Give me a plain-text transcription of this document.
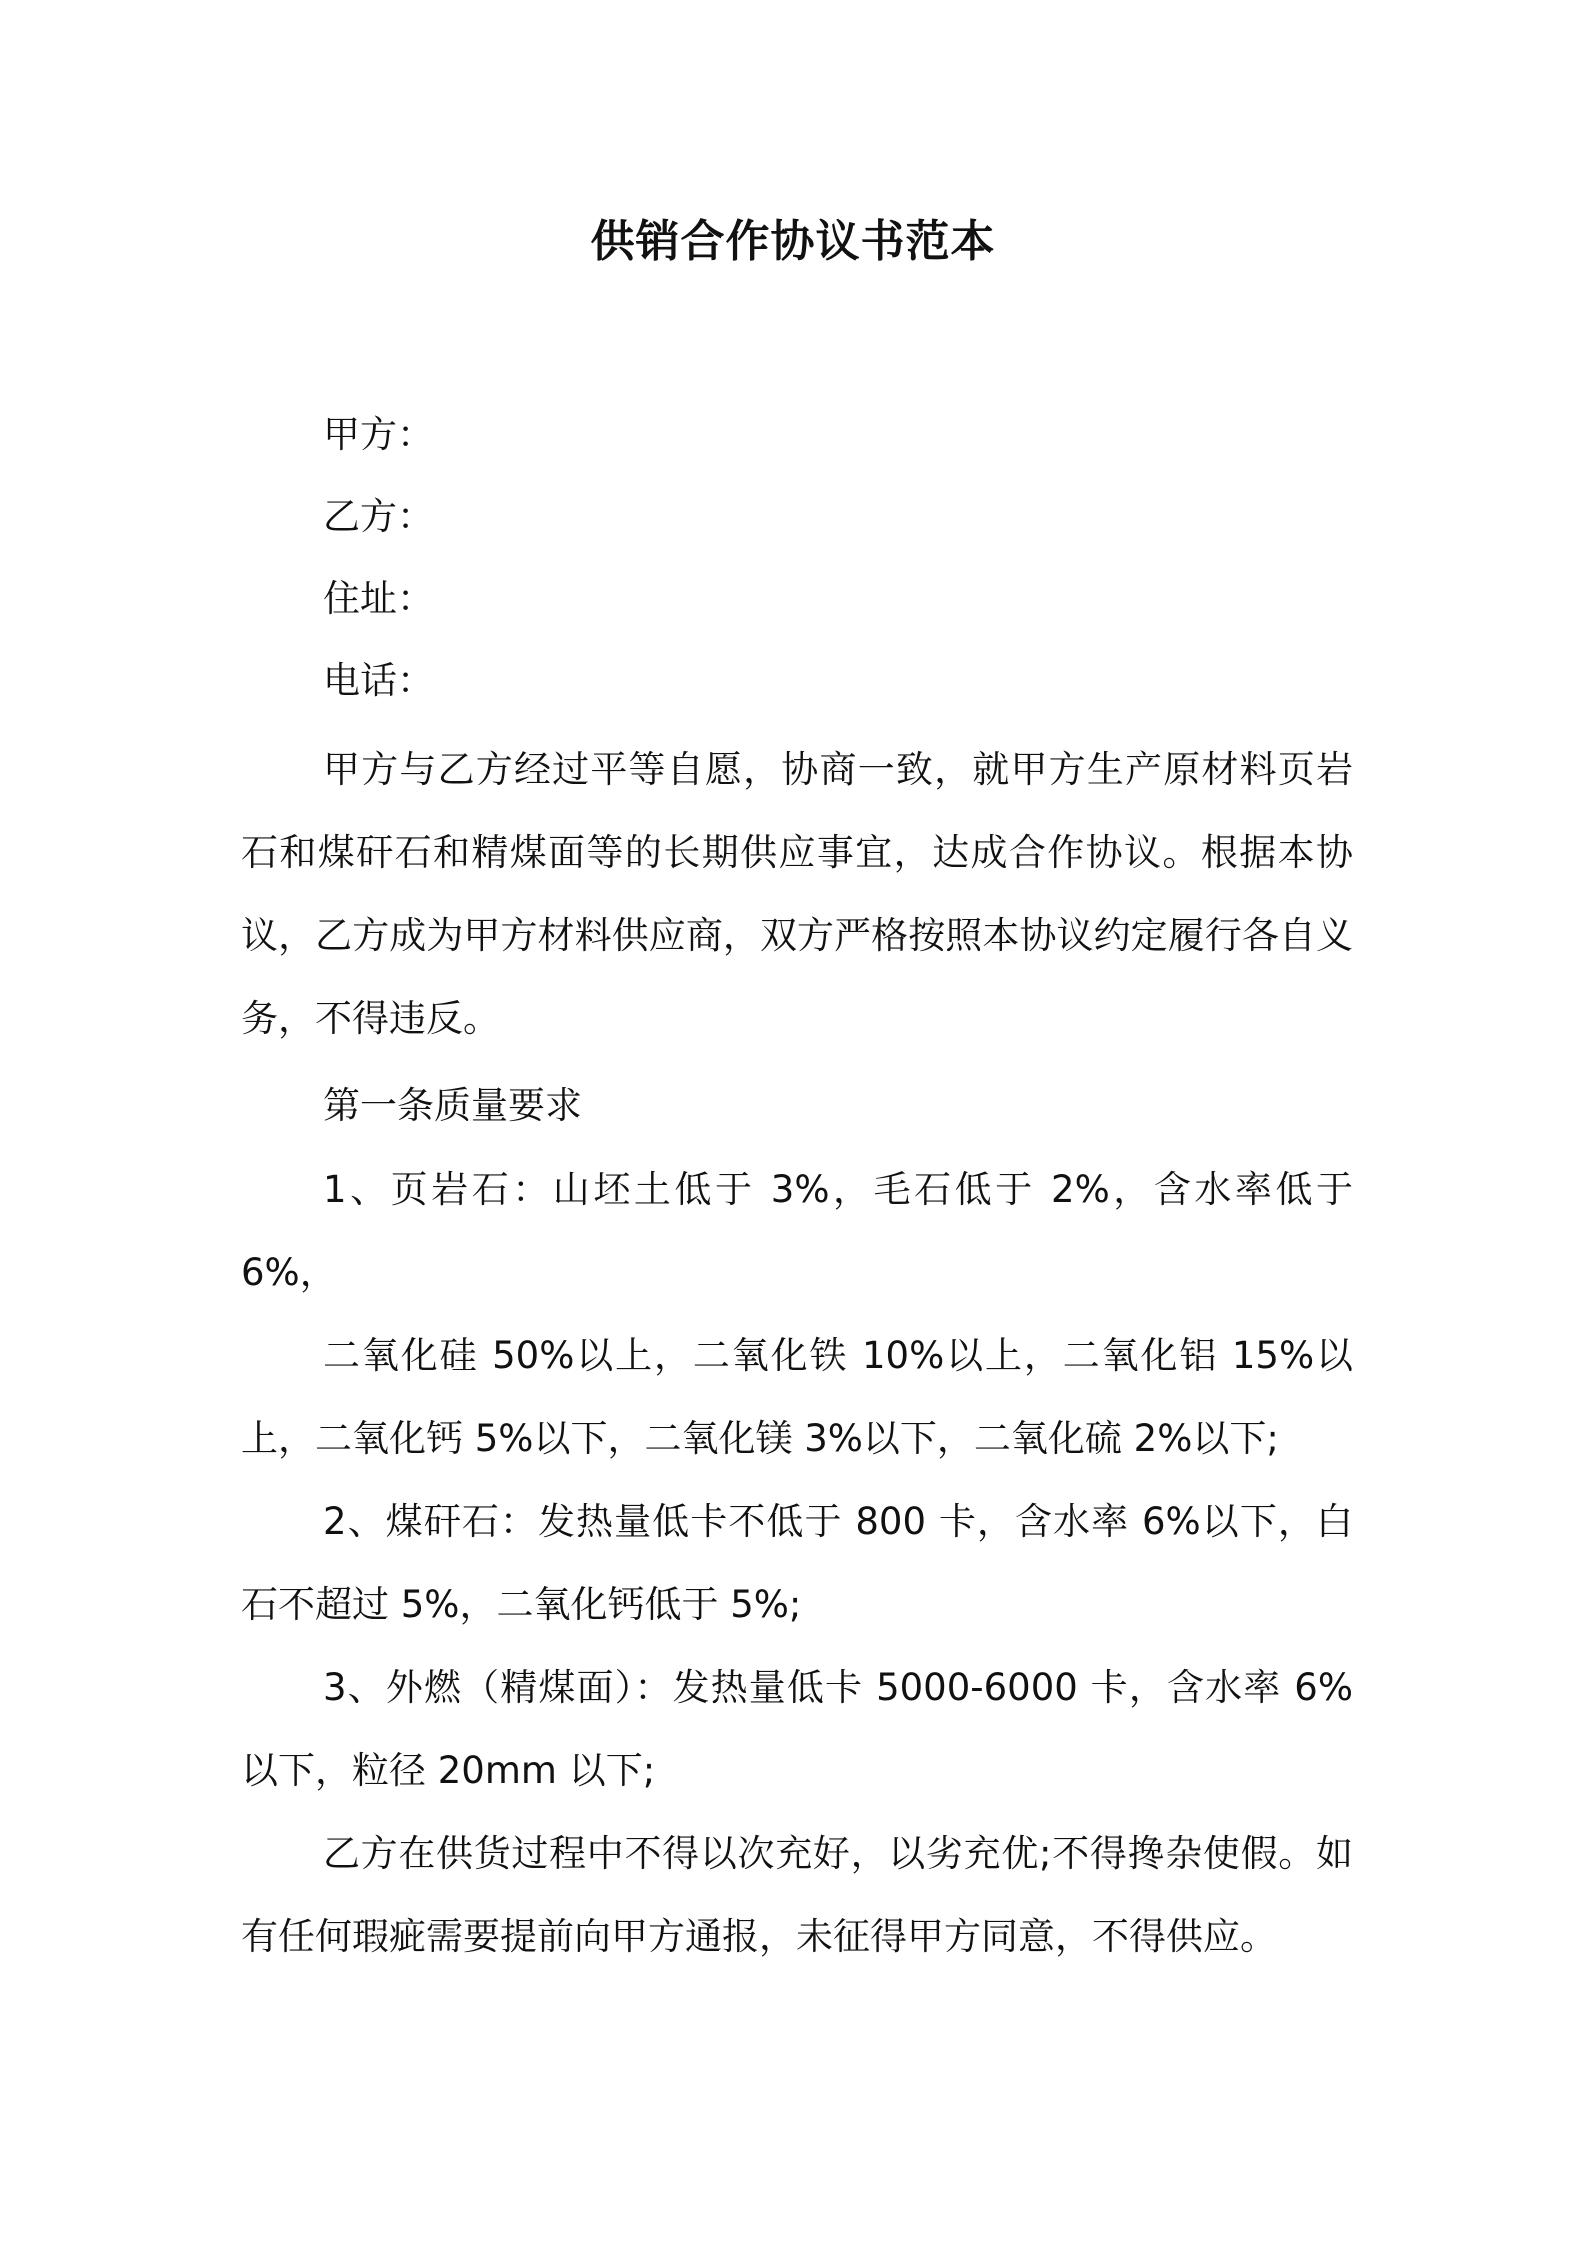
供销合作协议书范本
甲方：
乙方：
住址：
电话：

甲方与乙方经过平等自愿，协商一致，就甲方生产原材料页岩石和煤矸石和精煤面等的长期供应事宜，达成合作协议。根据本协议，乙方成为甲方材料供应商，双方严格按照本协议约定履行各自义务，不得违反。

第一条质量要求

1、页岩石：山坯土低于 3%，毛石低于 2%，含水率低于 6%，

二氧化硅 50%以上，二氧化铁 10%以上，二氧化铝 15%以上，二氧化钙 5%以下，二氧化镁 3%以下，二氧化硫 2%以下;

2、煤矸石：发热量低卡不低于 800 卡，含水率 6%以下，白石不超过 5%，二氧化钙低于 5%;

3、外燃（精煤面）：发热量低卡 5000-6000 卡，含水率 6%以下，粒径 20mm 以下;

乙方在供货过程中不得以次充好，以劣充优;不得搀杂使假。如有任何瑕疵需要提前向甲方通报，未征得甲方同意，不得供应。
